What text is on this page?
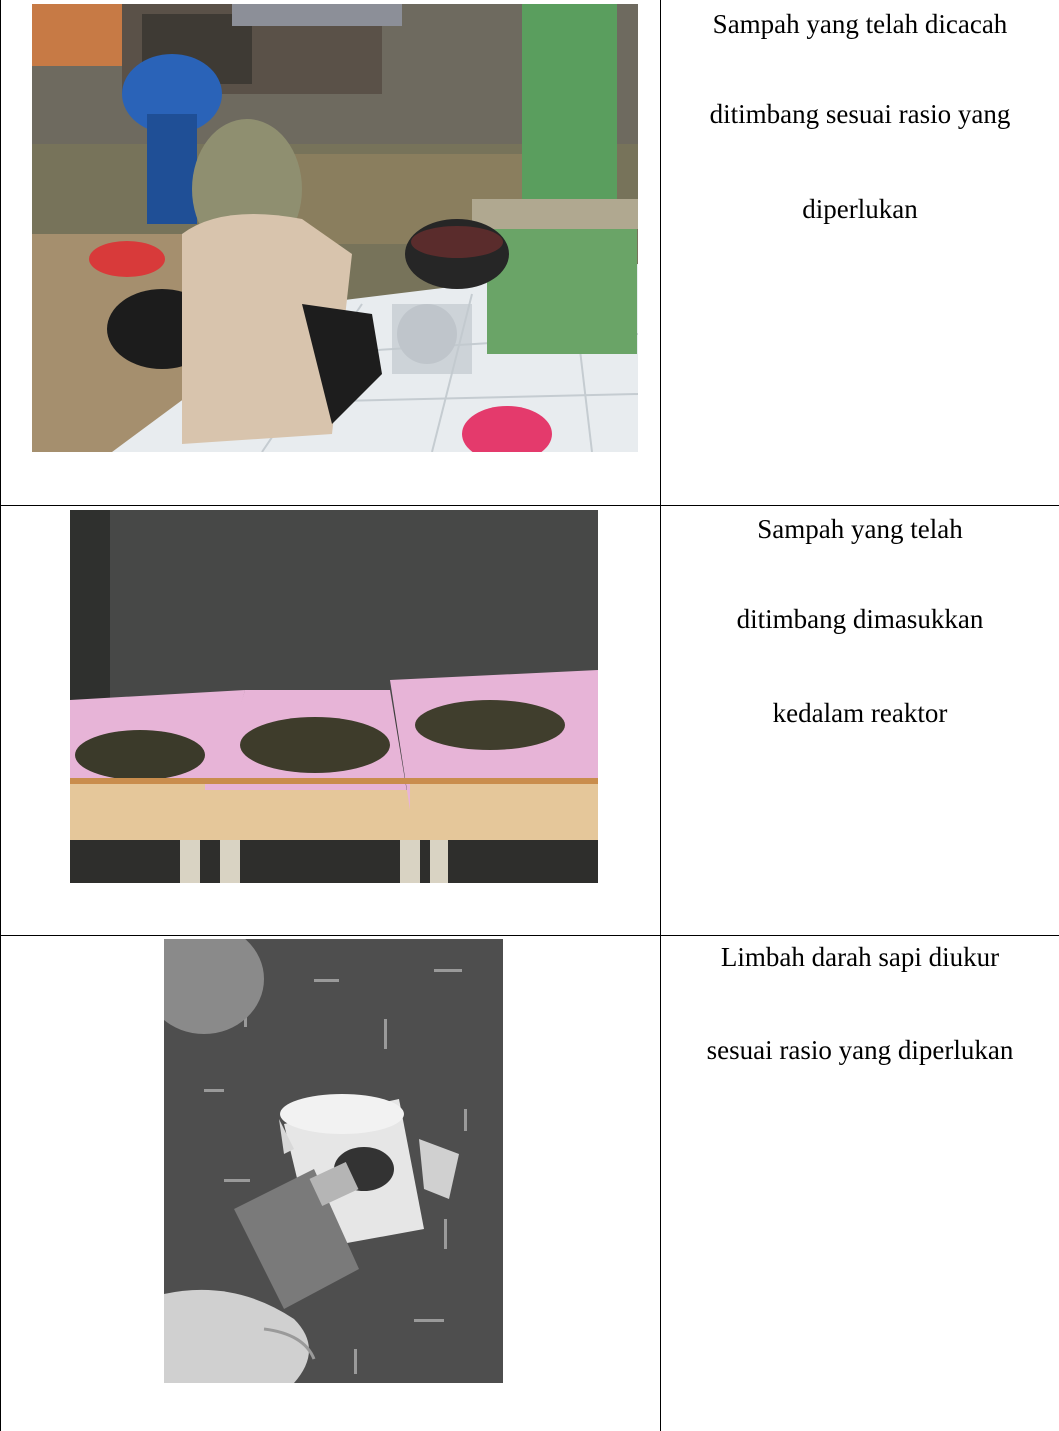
Sampah yang telah dicacah
ditimbang sesuai rasio yang
diperlukan
Sampah yang telah
ditimbang dimasukkan
kedalam reaktor
Limbah darah sapi diukur
sesuai rasio yang diperlukan
